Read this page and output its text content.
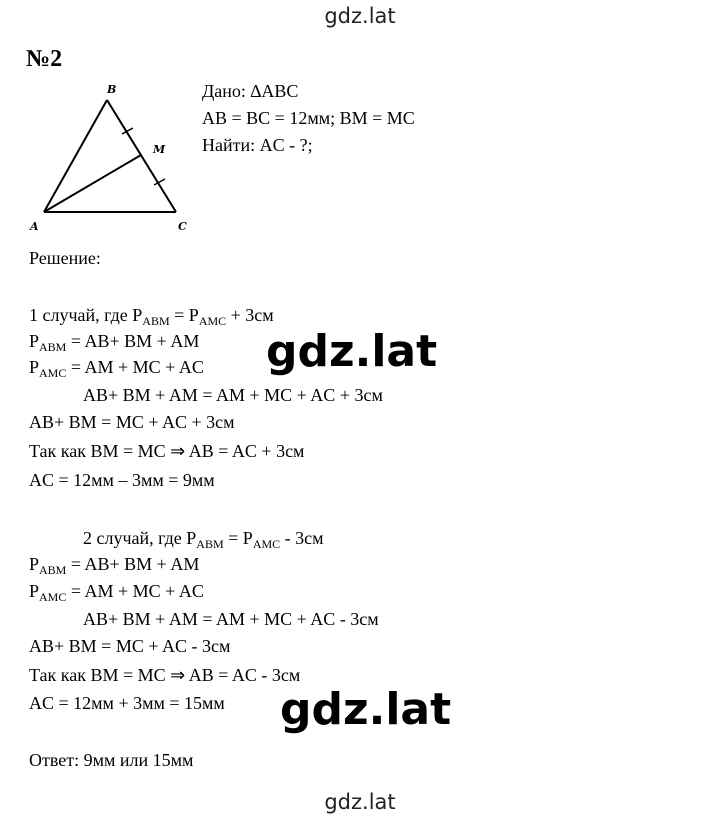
gdz.lat
№2
B
M
A	C
Дано: ∆ABC
AB = BC = 12мм; BM = MC
Найти: AC - ?;
Решение:
1 случай, где $P_{ABM} = P_{AMC} + 3см$
$P_{ABM} = AB+$ BM + AM
$P_{AMC}$ = AM + MC + AC
AB+ BM + AM = AM + MC + AC + 3см
AB+ BM = MC + AC + 3см
Так как BM = MC ⇒ AB = AC + 3см
AC = 12мм – 3мм = 9мм
2 случай, где $P_{ABM} = P_{AMC} - 3см$
$P_{ABM} = AB+$ BM + AM
$P_{AMC}$ = AM + MC + AC
AB+ BM + AM = AM + MC + AC - 3см
AB+ BM = MC + AC - 3см
Так как BM = MC ⇒ AB = AC - 3см
AC = 12мм + 3мм = 15мм
Ответ: 9мм или 15мм
gdz.lat
gdz.lat
gdz.lat
